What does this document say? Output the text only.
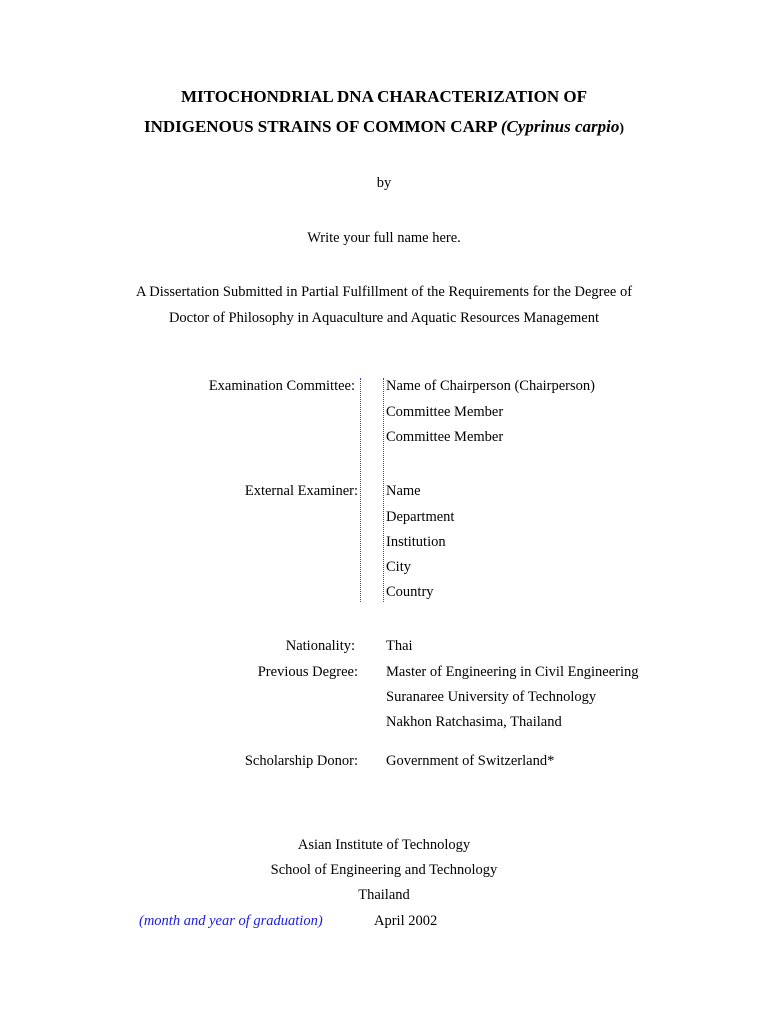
MITOCHONDRIAL DNA CHARACTERIZATION OF
INDIGENOUS STRAINS OF COMMON CARP (Cyprinus carpio)
by
Write your full name here.
A Dissertation Submitted in Partial Fulfillment of the Requirements for the Degree of
Doctor of Philosophy in Aquaculture and Aquatic Resources Management
Examination Committee: Name of Chairperson (Chairperson)
Committee Member
Committee Member
External Examiner: Name
Department
Institution
City
Country
Nationality: Thai
Previous Degree: Master of Engineering in Civil Engineering
Suranaree University of Technology
Nakhon Ratchasima, Thailand
Scholarship Donor: Government of Switzerland*
Asian Institute of Technology
School of Engineering and Technology
Thailand
(month and year of graduation)	April 2002
